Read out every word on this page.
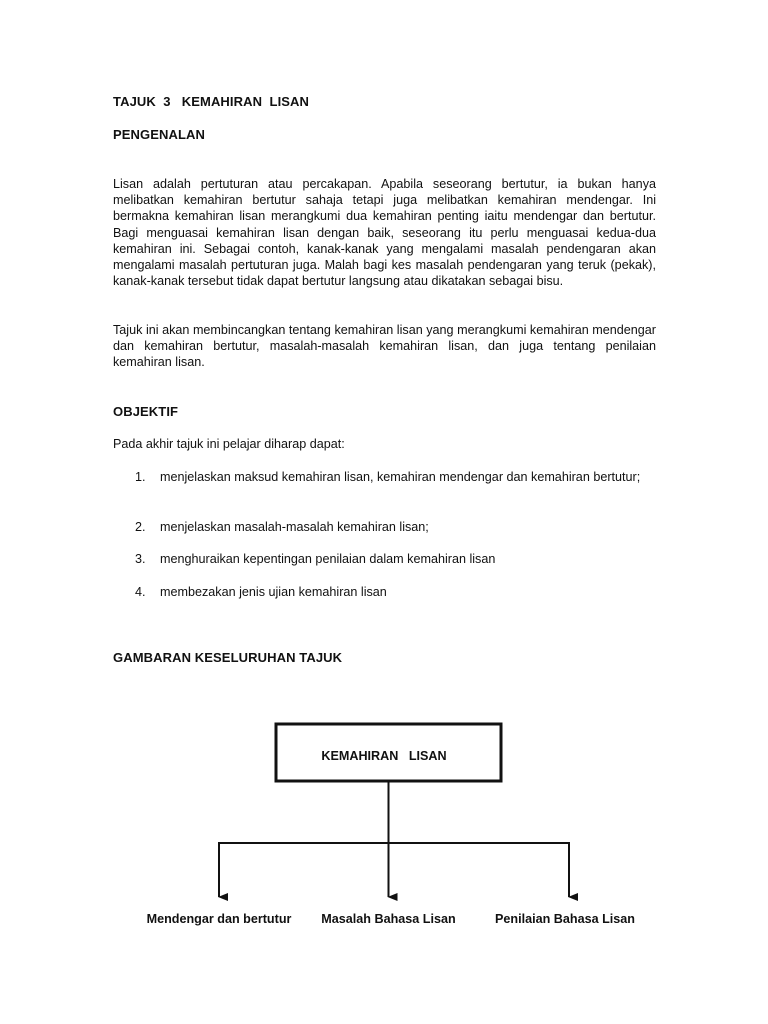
TAJUK  3   KEMAHIRAN  LISAN
PENGENALAN
Lisan adalah pertuturan atau percakapan. Apabila seseorang bertutur, ia bukan hanya melibatkan kemahiran bertutur sahaja tetapi juga melibatkan kemahiran mendengar. Ini bermakna kemahiran lisan merangkumi dua kemahiran penting iaitu mendengar dan bertutur. Bagi menguasai kemahiran lisan dengan baik, seseorang itu perlu menguasai kedua-dua kemahiran ini. Sebagai contoh, kanak-kanak yang mengalami masalah pendengaran akan mengalami masalah pertuturan juga. Malah bagi kes masalah pendengaran yang teruk (pekak), kanak-kanak tersebut tidak dapat bertutur langsung atau dikatakan sebagai bisu.
Tajuk ini akan membincangkan tentang kemahiran lisan yang merangkumi kemahiran mendengar dan kemahiran bertutur, masalah-masalah kemahiran lisan, dan juga tentang penilaian kemahiran lisan.
OBJEKTIF
Pada akhir tajuk ini pelajar diharap dapat:
1. menjelaskan maksud kemahiran lisan, kemahiran mendengar dan kemahiran bertutur;
2. menjelaskan masalah-masalah kemahiran lisan;
3. menghuraikan kepentingan penilaian dalam kemahiran lisan
4. membezakan jenis ujian kemahiran lisan
GAMBARAN KESELURUHAN TAJUK
KEMAHIRAN   LISAN
Mendengar dan bertutur Masalah Bahasa Lisan	Penilaian Bahasa Lisan
